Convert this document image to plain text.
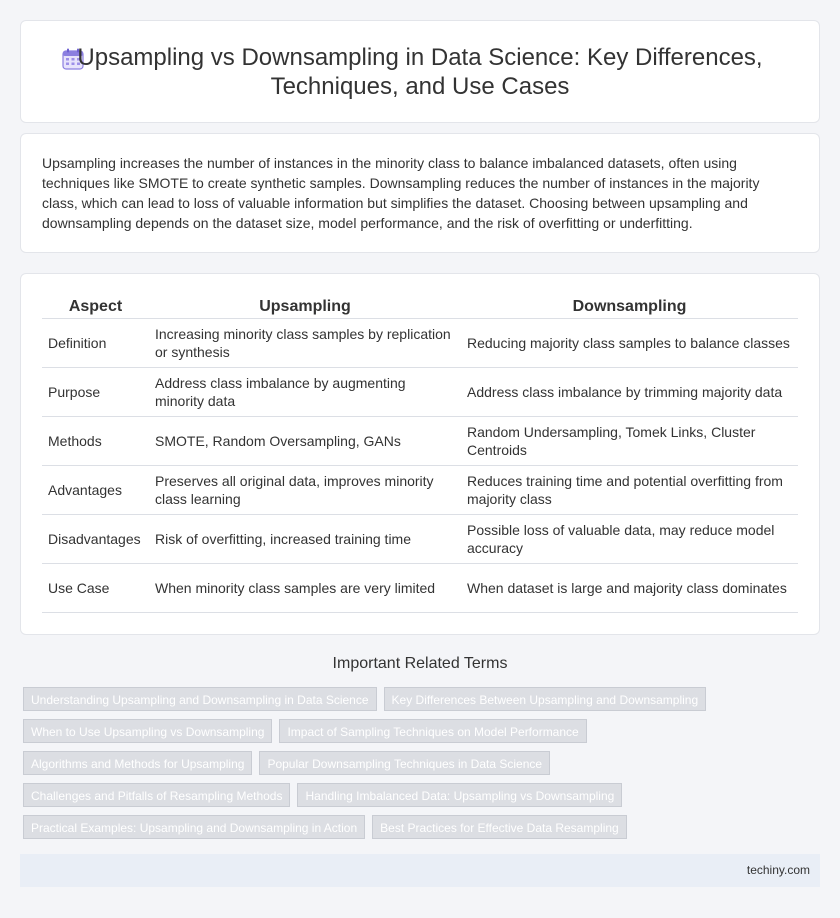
Upsampling vs Downsampling in Data Science: Key Differences, Techniques, and Use Cases

Upsampling increases the number of instances in the minority class to balance imbalanced datasets, often using techniques like SMOTE to create synthetic samples. Downsampling reduces the number of instances in the majority class, which can lead to loss of valuable information but simplifies the dataset. Choosing between upsampling and downsampling depends on the dataset size, model performance, and the risk of overfitting or underfitting.

Aspect	Upsampling	Downsampling
Definition	Increasing minority class samples by replication or synthesis	Reducing majority class samples to balance classes
Purpose	Address class imbalance by augmenting minority data	Address class imbalance by trimming majority data
Methods	SMOTE, Random Oversampling, GANs	Random Undersampling, Tomek Links, Cluster Centroids
Advantages	Preserves all original data, improves minority class learning	Reduces training time and potential overfitting from majority class
Disadvantages	Risk of overfitting, increased training time	Possible loss of valuable data, may reduce model accuracy
Use Case	When minority class samples are very limited	When dataset is large and majority class dominates
Important Related Terms
Understanding Upsampling and Downsampling in Data Science	Key Differences Between Upsampling and Downsampling
When to Use Upsampling vs Downsampling	Impact of Sampling Techniques on Model Performance
Algorithms and Methods for Upsampling	Popular Downsampling Techniques in Data Science
Challenges and Pitfalls of Resampling Methods	Handling Imbalanced Data: Upsampling vs Downsampling
Practical Examples: Upsampling and Downsampling in Action	Best Practices for Effective Data Resampling
techiny.com
